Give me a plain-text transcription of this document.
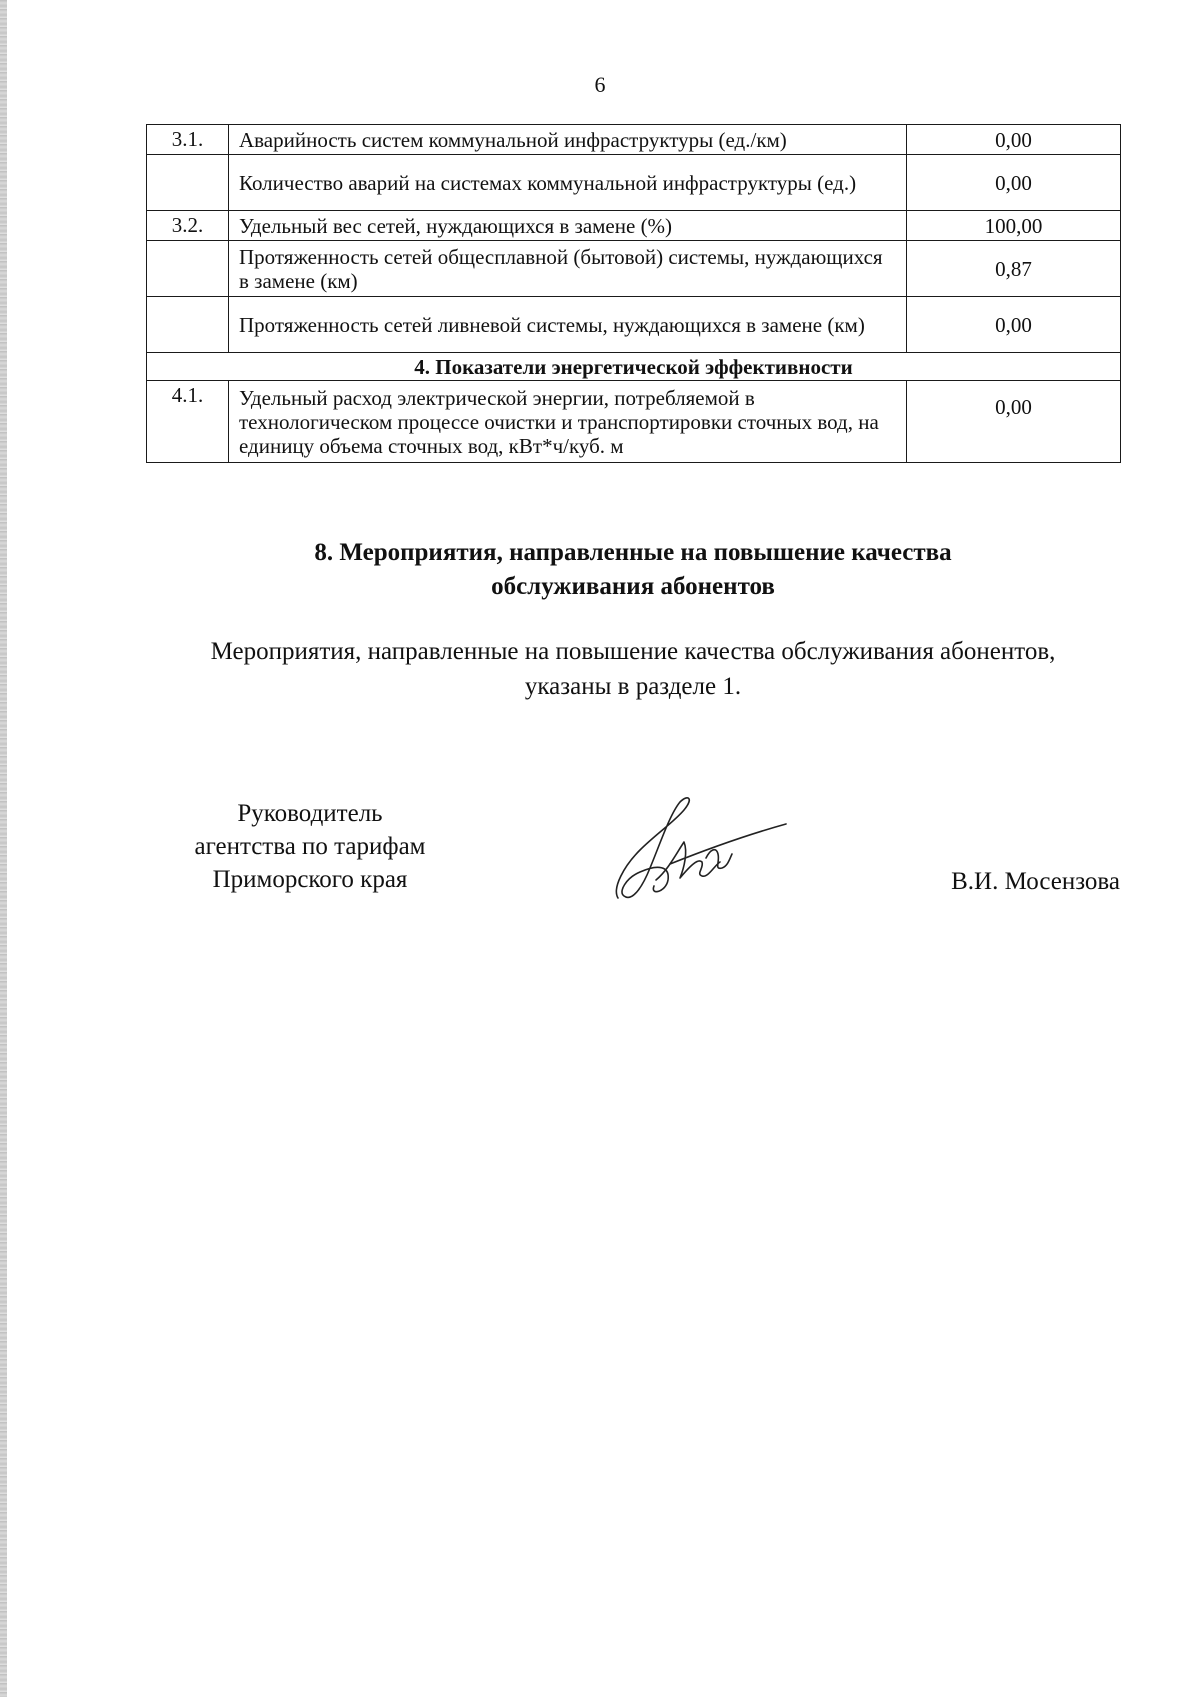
6
3.1.	Аварийность систем коммунальной инфраструктуры (ед./км)	0,00
	Количество аварий на системах коммунальной инфраструктуры (ед.)	0,00
3.2.	Удельный вес сетей, нуждающихся в замене (%)	100,00
	Протяженность сетей общесплавной (бытовой) системы, нуждающихся в замене (км)	0,87
	Протяженность сетей ливневой системы, нуждающихся в замене (км)	0,00
4. Показатели энергетической эффективности		
4.1.	Удельный расход электрической энергии, потребляемой в технологическом процессе очистки и транспортировки сточных вод, на единицу объема сточных вод, кВт*ч/куб. м	0,00
8. Мероприятия, направленные на повышение качества
обслуживания абонентов
Мероприятия, направленные на повышение качества обслуживания абонентов,
указаны в разделе 1.
Руководитель
агентства по тарифам
Приморского края	В.И. Мосензова
